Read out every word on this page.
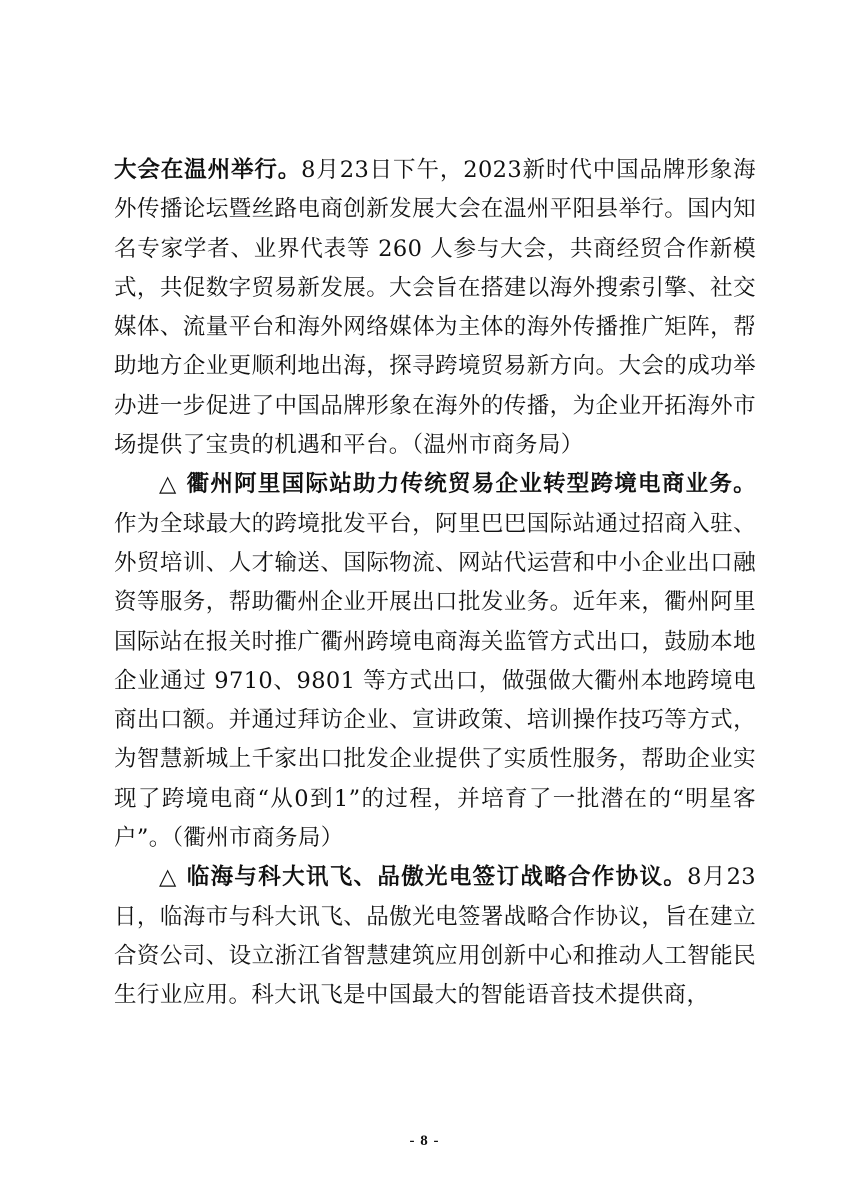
大会在温州举行。8月23日下午，2023新时代中国品牌形象海外传播论坛暨丝路电商创新发展大会在温州平阳县举行。国内知名专家学者、业界代表等 260 人参与大会，共商经贸合作新模式，共促数字贸易新发展。大会旨在搭建以海外搜索引擎、社交媒体、流量平台和海外网络媒体为主体的海外传播推广矩阵，帮助地方企业更顺利地出海，探寻跨境贸易新方向。大会的成功举办进一步促进了中国品牌形象在海外的传播，为企业开拓海外市场提供了宝贵的机遇和平台。（温州市商务局）

△ 衢州阿里国际站助力传统贸易企业转型跨境电商业务。作为全球最大的跨境批发平台，阿里巴巴国际站通过招商入驻、外贸培训、人才输送、国际物流、网站代运营和中小企业出口融资等服务，帮助衢州企业开展出口批发业务。近年来，衢州阿里国际站在报关时推广衢州跨境电商海关监管方式出口，鼓励本地企业通过 9710、9801 等方式出口，做强做大衢州本地跨境电商出口额。并通过拜访企业、宣讲政策、培训操作技巧等方式，为智慧新城上千家出口批发企业提供了实质性服务，帮助企业实现了跨境电商“从0到1”的过程，并培育了一批潜在的“明星客户”。（衢州市商务局）

△ 临海与科大讯飞、品傲光电签订战略合作协议。8月23日，临海市与科大讯飞、品傲光电签署战略合作协议，旨在建立合资公司、设立浙江省智慧建筑应用创新中心和推动人工智能民生行业应用。科大讯飞是中国最大的智能语音技术提供商，

- 8 -
